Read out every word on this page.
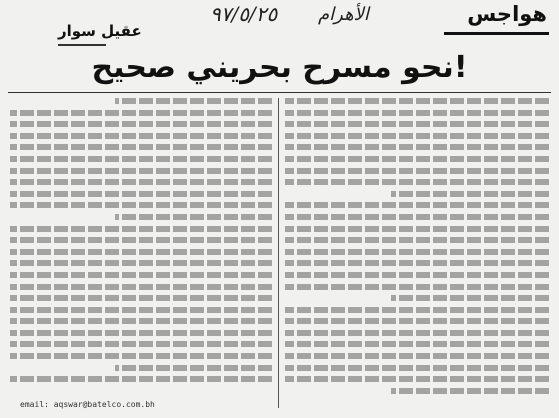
٩٧/٥/٢٥ الأهرام	هواجس
عقيل سوار
نحو مسرح بحريني صحيح!
email: aqswar@batelco.com.bh
